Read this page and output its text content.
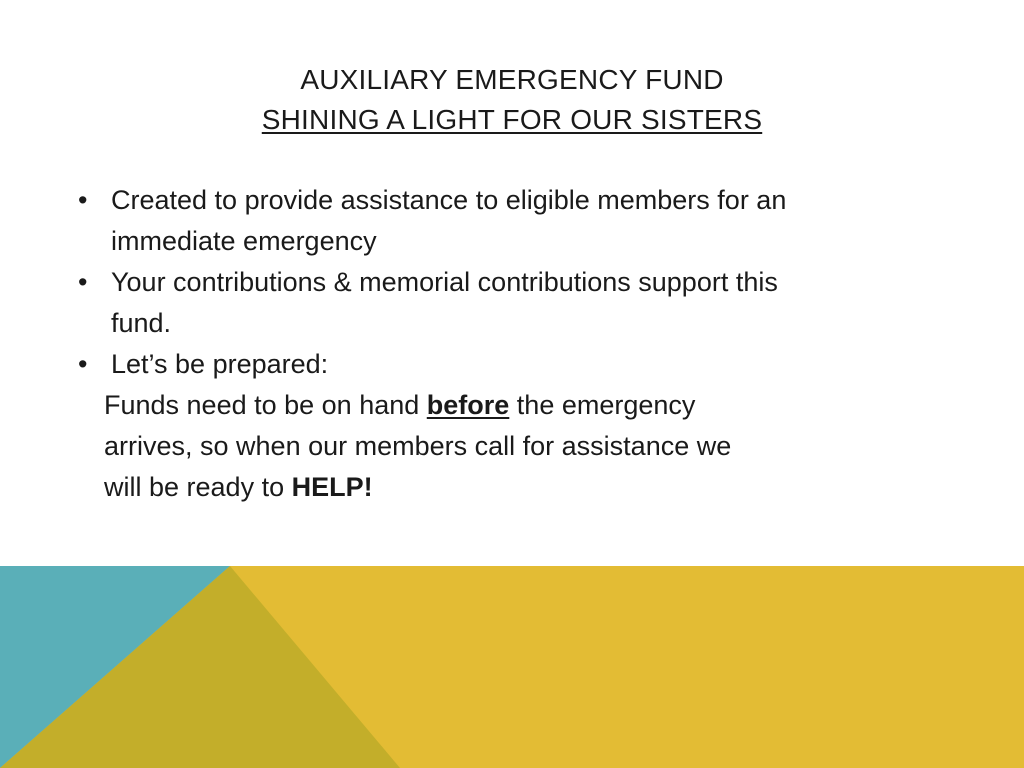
AUXILIARY EMERGENCY FUND
SHINING A LIGHT FOR OUR SISTERS
• Created to provide assistance to eligible members for an
immediate emergency
• Your contributions & memorial contributions support this
fund.
• Let’s be prepared:
Funds need to be on hand before the emergency
arrives, so when our members call for assistance we
will be ready to HELP!
